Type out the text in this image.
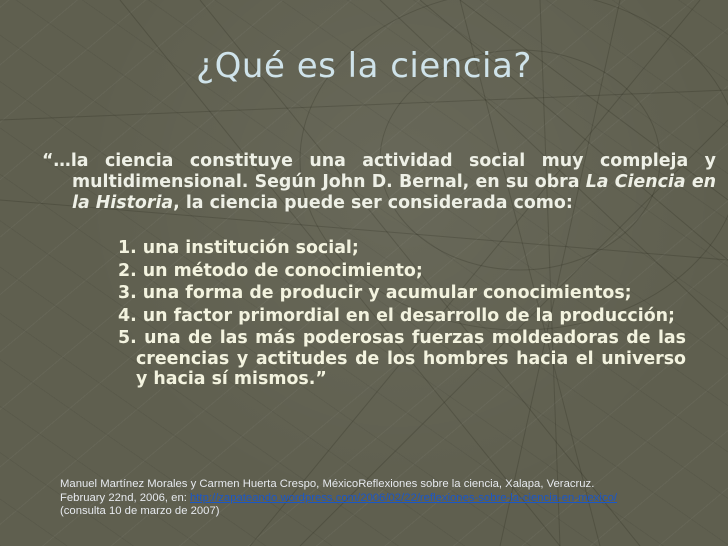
¿Qué es la ciencia?

“…la ciencia constituye una actividad social muy compleja y multidimensional. Según John D. Bernal, en su obra La Ciencia en la Historia, la ciencia puede ser considerada como:

1. una institución social;
2. un método de conocimiento;
3. una forma de producir y acumular conocimientos;
4. un factor primordial en el desarrollo de la producción;
5. una de las más poderosas fuerzas moldeadoras de las creencias y actitudes de los hombres hacia el universo y hacia sí mismos.”
Manuel Martínez Morales y Carmen Huerta Crespo, MéxicoReflexiones sobre la ciencia, Xalapa, Veracruz.
February 22nd, 2006, en: http://zapateando.wordpress.com/2006/02/22/reflexiones-sobre-la-ciencia-en-mexico/
(consulta 10 de marzo de 2007)
